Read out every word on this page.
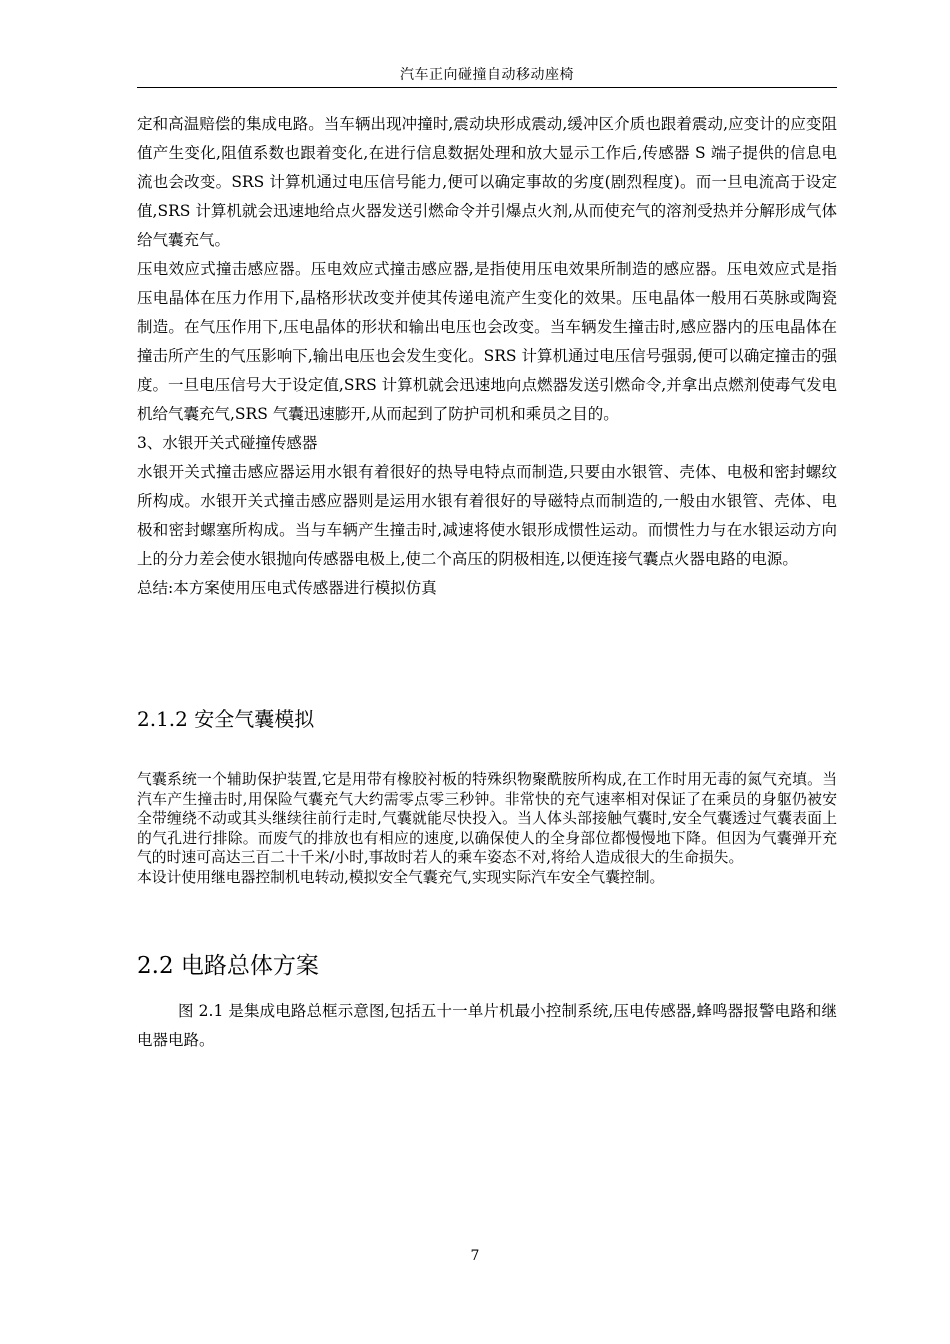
汽车正向碰撞自动移动座椅

定和高温赔偿的集成电路。当车辆出现冲撞时,震动块形成震动,缓冲区介质也跟着震动,应变计的应变阻值产生变化,阻值系数也跟着变化,在进行信息数据处理和放大显示工作后,传感器 S 端子提供的信息电流也会改变。SRS 计算机通过电压信号能力,便可以确定事故的劣度(剧烈程度)。而一旦电流高于设定值,SRS 计算机就会迅速地给点火器发送引燃命令并引爆点火剂,从而使充气的溶剂受热并分解形成气体给气囊充气。

压电效应式撞击感应器。压电效应式撞击感应器,是指使用压电效果所制造的感应器。压电效应式是指压电晶体在压力作用下,晶格形状改变并使其传递电流产生变化的效果。压电晶体一般用石英脉或陶瓷制造。在气压作用下,压电晶体的形状和输出电压也会改变。当车辆发生撞击时,感应器内的压电晶体在撞击所产生的气压影响下,输出电压也会发生变化。SRS 计算机通过电压信号强弱,便可以确定撞击的强度。一旦电压信号大于设定值,SRS 计算机就会迅速地向点燃器发送引燃命令,并拿出点燃剂使毒气发电机给气囊充气,SRS 气囊迅速膨开,从而起到了防护司机和乘员之目的。

3、水银开关式碰撞传感器

水银开关式撞击感应器运用水银有着很好的热导电特点而制造,只要由水银管、壳体、电极和密封螺纹所构成。水银开关式撞击感应器则是运用水银有着很好的导磁特点而制造的,一般由水银管、壳体、电极和密封螺塞所构成。当与车辆产生撞击时,减速将使水银形成惯性运动。而惯性力与在水银运动方向上的分力差会使水银抛向传感器电极上,使二个高压的阴极相连,以便连接气囊点火器电路的电源。

总结:本方案使用压电式传感器进行模拟仿真

2.1.2 安全气囊模拟

气囊系统一个辅助保护装置,它是用带有橡胶衬板的特殊织物聚酰胺所构成,在工作时用无毒的氮气充填。当汽车产生撞击时,用保险气囊充气大约需零点零三秒钟。非常快的充气速率相对保证了在乘员的身躯仍被安全带缠绕不动或其头继续往前行走时,气囊就能尽快投入。当人体头部接触气囊时,安全气囊透过气囊表面上的气孔进行排除。而废气的排放也有相应的速度,以确保使人的全身部位都慢慢地下降。但因为气囊弹开充气的时速可高达三百二十千米/小时,事故时若人的乘车姿态不对,将给人造成很大的生命损失。

本设计使用继电器控制机电转动,模拟安全气囊充气,实现实际汽车安全气囊控制。

2.2 电路总体方案

图 2.1 是集成电路总框示意图,包括五十一单片机最小控制系统,压电传感器,蜂鸣器报警电路和继电器电路。

7
